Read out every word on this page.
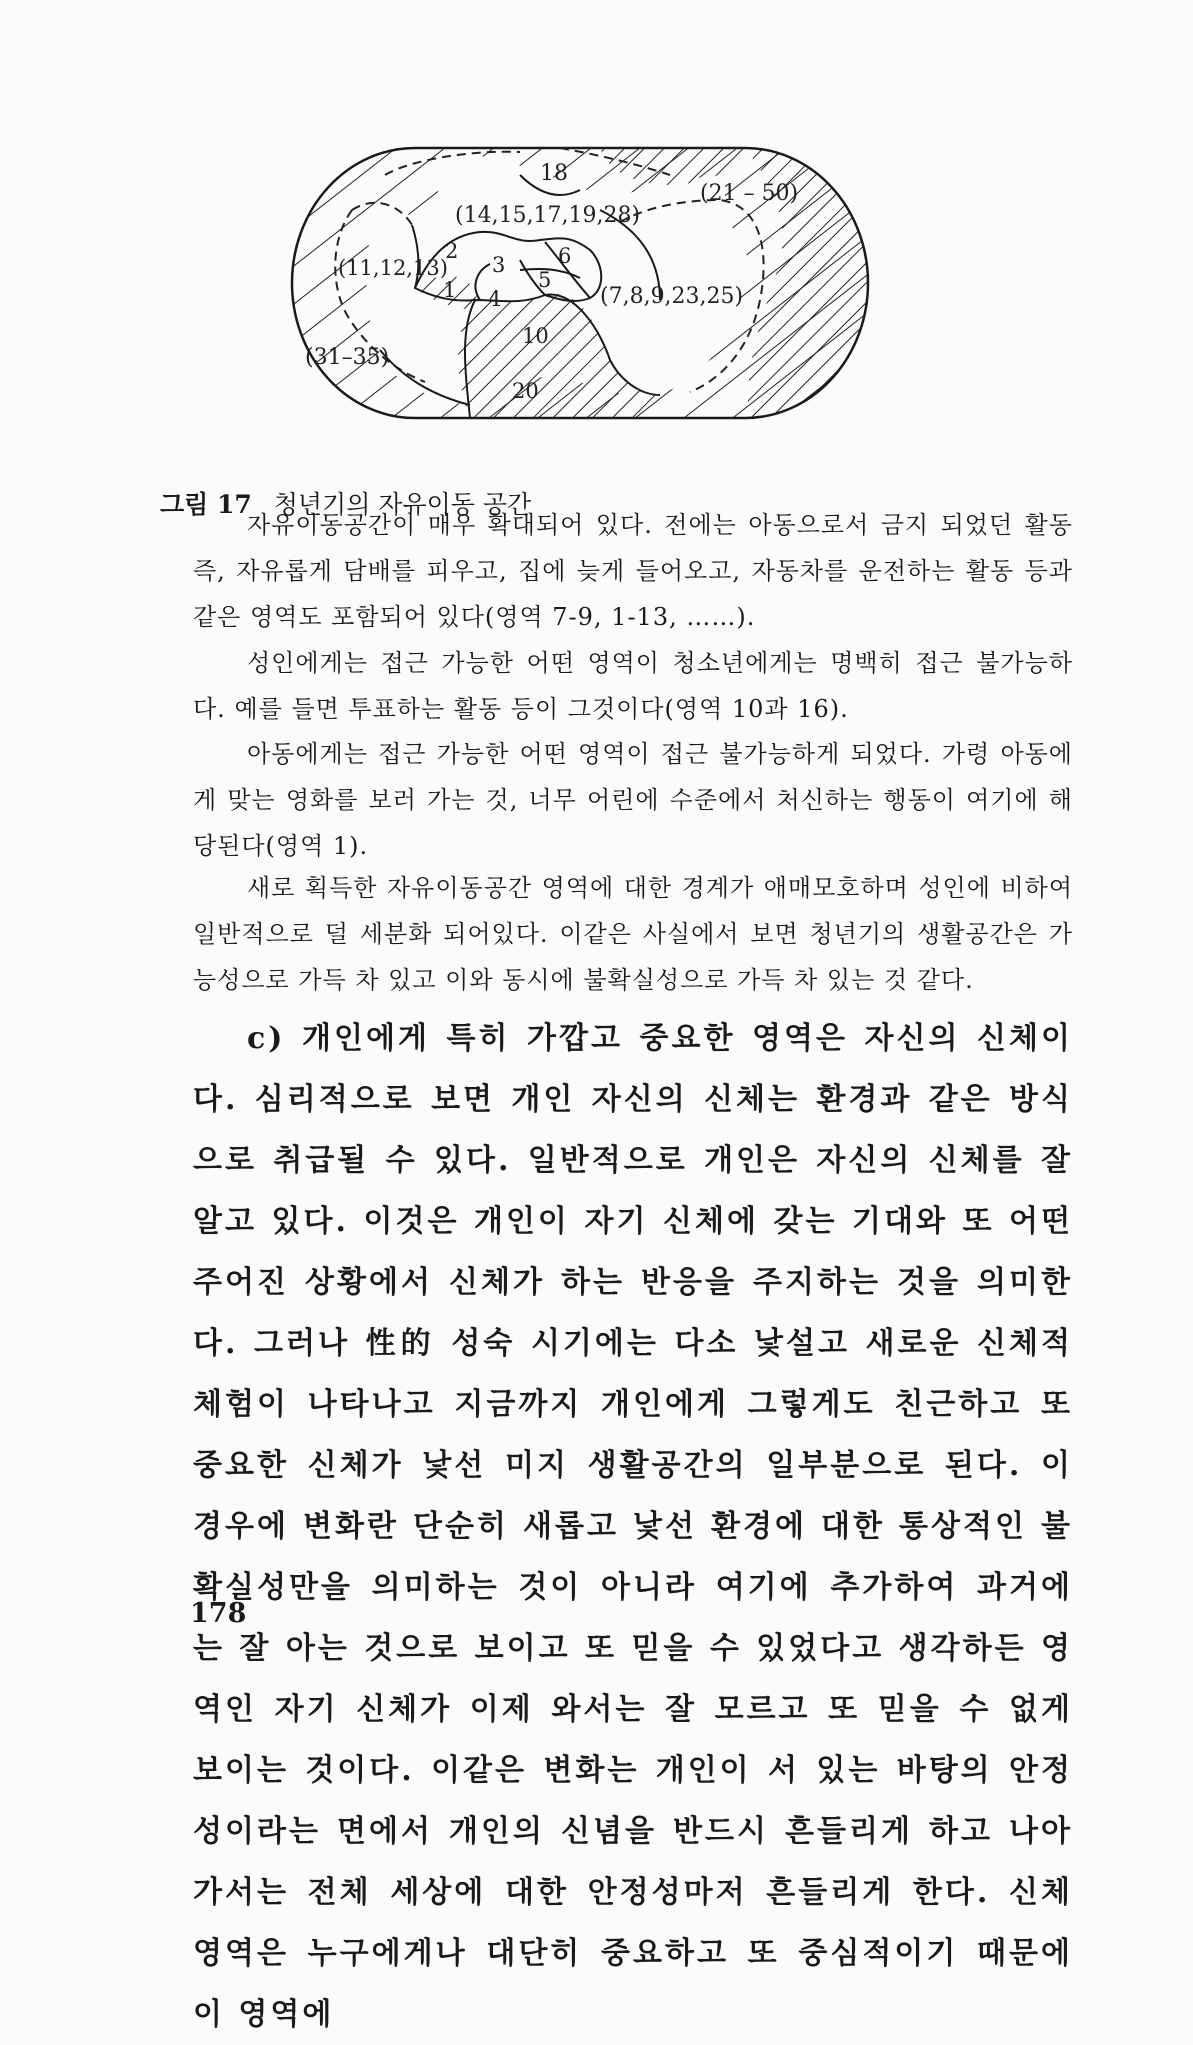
18
(14,15,17,19,28)
(21 – 50)
(11,12,13)
2
3	6
5
1 4	(7,8,9,23,25)
10
(31–35)
20
그림 17 청년기의 자유이동 공간

자유이동공간이 매우 확대되어 있다. 전에는 아동으로서 금지 되었던 활동 즉, 자유롭게 담배를 피우고, 집에 늦게 들어오고, 자동차를 운전하는 활동 등과 같은 영역도 포함되어 있다(영역 7-9, 1-13, ……).

성인에게는 접근 가능한 어떤 영역이 청소년에게는 명백히 접근 불가능하다. 예를 들면 투표하는 활동 등이 그것이다(영역 10과 16).

아동에게는 접근 가능한 어떤 영역이 접근 불가능하게 되었다. 가령 아동에게 맞는 영화를 보러 가는 것, 너무 어린에 수준에서 처신하는 행동이 여기에 해당된다(영역 1).

새로 획득한 자유이동공간 영역에 대한 경계가 애매모호하며 성인에 비하여 일반적으로 덜 세분화 되어있다. 이같은 사실에서 보면 청년기의 생활공간은 가능성으로 가득 차 있고 이와 동시에 불확실성으로 가득 차 있는 것 같다.

c) 개인에게 특히 가깝고 중요한 영역은 자신의 신체이다. 심리적으로 보면 개인 자신의 신체는 환경과 같은 방식으로 취급될 수 있다. 일반적으로 개인은 자신의 신체를 잘 알고 있다. 이것은 개인이 자기 신체에 갖는 기대와 또 어떤 주어진 상황에서 신체가 하는 반응을 주지하는 것을 의미한다. 그러나 性的 성숙 시기에는 다소 낯설고 새로운 신체적 체험이 나타나고 지금까지 개인에게 그렇게도 친근하고 또 중요한 신체가 낯선 미지 생활공간의 일부분으로 된다. 이 경우에 변화란 단순히 새롭고 낯선 환경에 대한 통상적인 불확실성만을 의미하는 것이 아니라 여기에 추가하여 과거에는 잘 아는 것으로 보이고 또 믿을 수 있었다고 생각하든 영역인 자기 신체가 이제 와서는 잘 모르고 또 믿을 수 없게 보이는 것이다. 이같은 변화는 개인이 서 있는 바탕의 안정성이라는 면에서 개인의 신념을 반드시 흔들리게 하고 나아가서는 전체 세상에 대한 안정성마저 흔들리게 한다. 신체 영역은 누구에게나 대단히 중요하고 또 중심적이기 때문에 이 영역에

178
